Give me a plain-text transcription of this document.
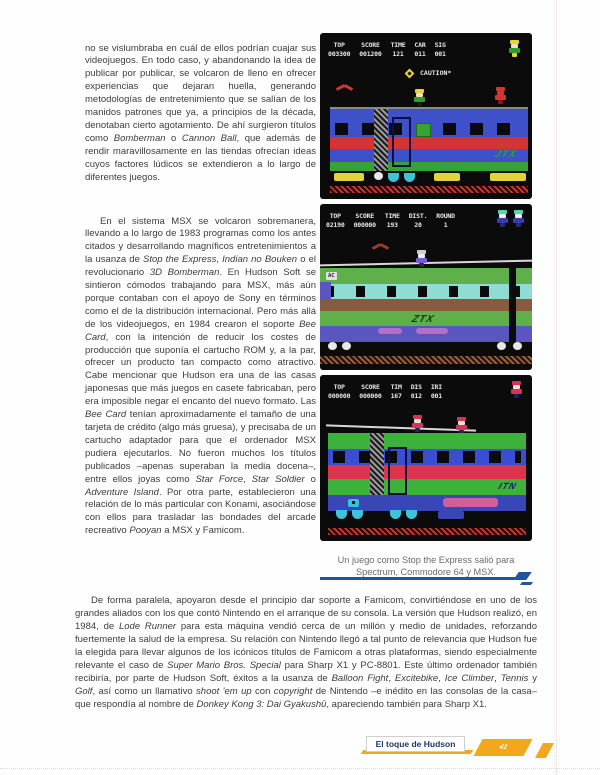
no se vislumbraba en cuál de ellos podrían cuajar sus videojuegos. En todo caso, y abandonando la idea de publicar por publicar, se volcaron de lleno en ofrecer experiencias que dejaran huella, generando metodologías de entretenimiento que se salían de los manidos patrones que ya, a principios de la década, denotaban cierto agotamiento. De ahí surgieron títulos como Bomberman o Cannon Ball, que además de rendir maravillosamente en las tiendas ofrecían ideas cuyos factores lúdicos se extendieron a lo largo de diferentes juegos.

En el sistema MSX se volcaron sobremanera, llevando a lo largo de 1983 programas como los antes citados y desarrollando magníficos entretenimientos a la usanza de Stop the Express, Indian no Bouken o el revolucionario 3D Bomberman. En Hudson Soft se sintieron cómodos trabajando para MSX, más aún porque contaban con el apoyo de Sony en términos como el de la distribución internacional. Pero más allá de los videojuegos, en 1984 crearon el soporte Bee Card, con la intención de reducir los costes de producción que suponía el cartucho ROM y, a la par, ofrecer un producto tan compacto como atractivo. Cabe mencionar que Hudson era una de las casas japonesas que más juegos en casete fabricaban, pero era imposible negar el encanto del nuevo formato. Las Bee Card tenían aproximadamente el tamaño de una tarjeta de crédito (algo más gruesa), y precisaba de un cartucho adaptador para que el ordenador MSX pudiera ejecutarlos. No fueron muchos los títulos publicados –apenas superaban la media docena–, entre ellos joyas como Star Force, Star Soldier o Adventure Island. Por otra parte, establecieron una relación de lo más particular con Konami, asociándose con ellos para trasladar las bondades del arcade recreativo Pooyan a MSX y Famicom.

TOP
003300
SCORE
001200
TIME
121
CAR
011
SIG
001
CAUTION*
JTX
TOP
02190
SCORE
000000
TIME
193
DIST.
20
ROUND
1
AC
ZTX
TOP
000000
SCORE
000000
TIM
167
DIS
012
IRI
001
ITN

Un juego como Stop the Express salió para Spectrum, Commodore 64 y MSX.

De forma paralela, apoyaron desde el principio dar soporte a Famicom, convirtiéndose en uno de los grandes aliados con los que contó Nintendo en el arranque de su consola. La versión que Hudson realizó, en 1984, de Lode Runner para esta máquina vendió cerca de un millón y medio de unidades, reforzando fuertemente la salud de la empresa. Su relación con Nintendo llegó a tal punto de relevancia que Hudson fue la elegida para llevar algunos de los icónicos títulos de Famicom a otras plataformas, siendo especialmente relevante el caso de Super Mario Bros. Special para Sharp X1 y PC-8801. Este último ordenador también recibiría, por parte de Hudson Soft, éxitos a la usanza de Balloon Fight, Excitebike, Ice Climber, Tennis y Golf, así como un llamativo shoot 'em up con copyright de Nintendo –e inédito en las consolas de la casa– que respondía al nombre de Donkey Kong 3: Dai Gyakushū, apareciendo también para Sharp X1.

El toque de Hudson	41
